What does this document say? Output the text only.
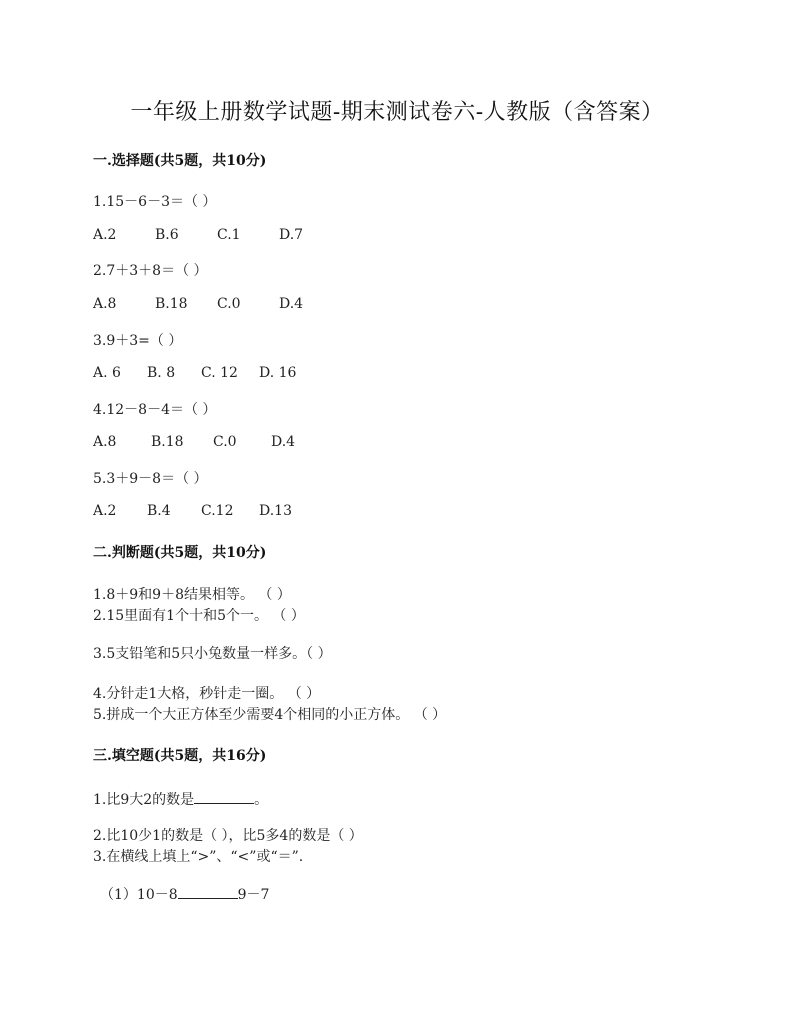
一年级上册数学试题-期末测试卷六-人教版（含答案）
一.选择题(共5题，共10分)
1.15－6－3＝（ ）
A.2	B.6	C.1	D.7
2.7＋3＋8＝（ ）
A.8	B.18 C.0	D.4
3.9＋3=（ ）
A. 6 B. 8 C. 12 D. 16
4.12－8－4＝（ ）
A.8 B.18 C.0 D.4
5.3＋9－8＝（ ）
A.2 B.4 C.12 D.13
二.判断题(共5题，共10分)
1.8＋9和9＋8结果相等。 （ ）
2.15里面有1个十和5个一。 （ ）
3.5支铅笔和5只小兔数量一样多。（ ）
4.分针走1大格，秒针走一圈。 （ ）
5.拼成一个大正方体至少需要4个相同的小正方体。 （ ）
三.填空题(共5题，共16分)
1.比9大2的数是	。
2.比10少1的数是（ ），比5多4的数是（ ）
3.在横线上填上“>”、“<”或“＝”.
（1）10－8	9－7
